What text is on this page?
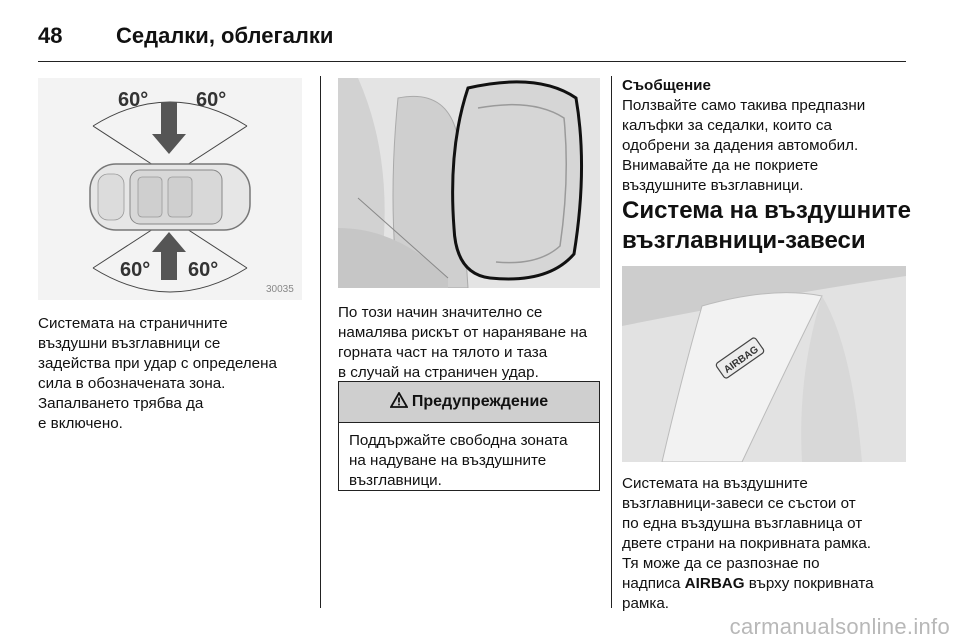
48	Седалки, облегалки
60° 60°
60° 60°
30035

Системата на страничните

въздушни възглавници се

задействa при удар с определена

сила в обозначената зона.

Запалването трябва да

е включено.

По този начин значително се

намалява рискът от нараняване на

горната част на тялото и таза

в случай на страничен удар.

Предупреждение
Поддържайте свободна зоната
на надуване на въздушните
възглавници.

Съобщение

Ползвайте само такива предпазни

калъфки за седалки, които са

одобрени за дадения автомобил.

Внимавайте да не покриете

въздушните възглавници.

Система на въздушните
възглавници-завеси
AIRBAG

Системата на въздушните

възглавници-завеси се състои от

по една въздушна възглавница от

двете страни на покривната рамка.

Тя може да се разпознае по

надписа AIRBAG върху покривната

рамка.

carmanualsonline.info
